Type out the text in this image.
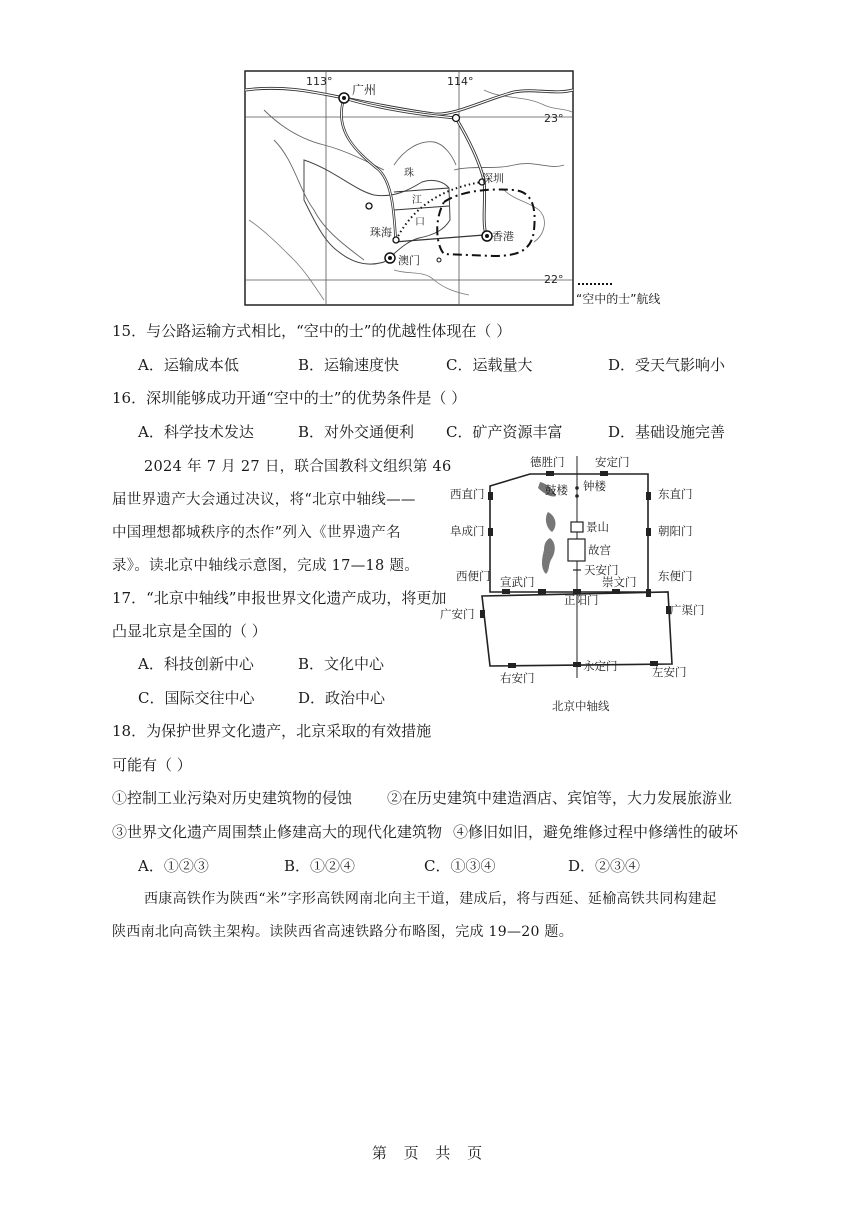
113°	114°
23°
22°
广州
深圳
珠海
澳门
香港
珠
江
口
“空中的士”航线
15．与公路运输方式相比，“空中的士”的优越性体现在（ ）
A．运输成本低	B．运输速度快	C．运载量大	D．受天气影响小
16．深圳能够成功开通“空中的士”的优势条件是（ ）
A．科学技术发达	B．对外交通便利 C．矿产资源丰富	D．基础设施完善
2024 年 7 月 27 日，联合国教科文组织第 46
届世界遗产大会通过决议，将“北京中轴线——
中国理想都城秩序的杰作”列入《世界遗产名
录》。读北京中轴线示意图，完成 17—18 题。
德胜门	安定门
西直门	东直门
鼓楼 钟楼
阜成门	朝阳门
景山
故宫
天安门
西便门 宣武门	崇文门 东便门
正阳门
广安门	广渠门
右安门
永定门	左安门
北京中轴线
17．“北京中轴线”申报世界文化遗产成功，将更加
凸显北京是全国的（ ）
A．科技创新中心	B．文化中心
C．国际交往中心	D．政治中心
18．为保护世界文化遗产，北京采取的有效措施
可能有（ ）
①控制工业污染对历史建筑物的侵蚀 ②在历史建筑中建造酒店、宾馆等，大力发展旅游业
③世界文化遗产周围禁止修建高大的现代化建筑物 ④修旧如旧，避免维修过程中修缮性的破坏
A．①②③	B．①②④	C．①③④	D．②③④
西康高铁作为陕西“米”字形高铁网南北向主干道，建成后，将与西延、延榆高铁共同构建起
陕西南北向高铁主架构。读陕西省高速铁路分布略图，完成 19—20 题。
第 页 共 页
